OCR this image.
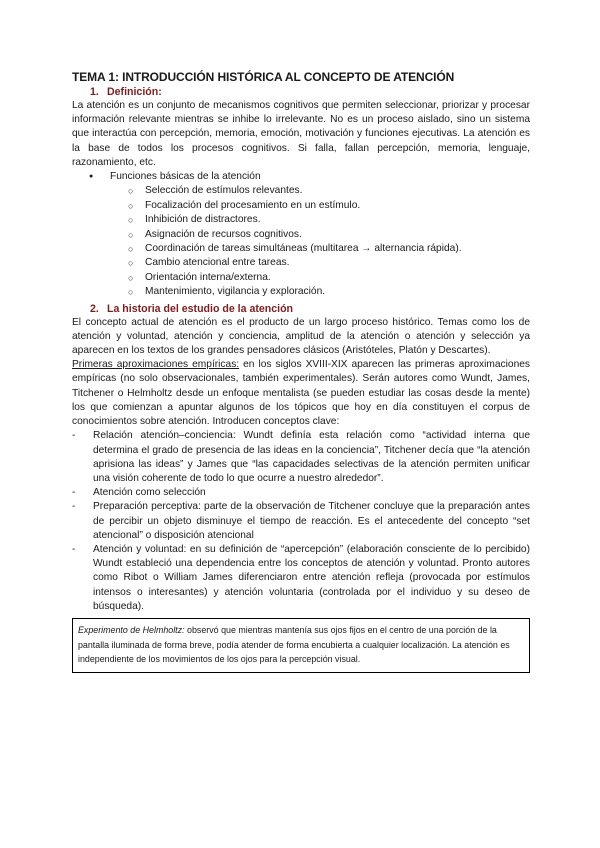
TEMA 1: INTRODUCCIÓN HISTÓRICA AL CONCEPTO DE ATENCIÓN

1. Definición:

La atención es un conjunto de mecanismos cognitivos que permiten seleccionar, priorizar y procesar información relevante mientras se inhibe lo irrelevante. No es un proceso aislado, sino un sistema que interactúa con percepción, memoria, emoción, motivación y funciones ejecutivas. La atención es la base de todos los procesos cognitivos. Si falla, fallan percepción, memoria, lenguaje, razonamiento, etc.

● Funciones básicas de la atención
○ Selección de estímulos relevantes.
○ Focalización del procesamiento en un estímulo.
○ Inhibición de distractores.
○ Asignación de recursos cognitivos.
○ Coordinación de tareas simultáneas (multitarea → alternancia rápida).
○ Cambio atencional entre tareas.
○ Orientación interna/externa.
○ Mantenimiento, vigilancia y exploración.

2. La historia del estudio de la atención

El concepto actual de atención es el producto de un largo proceso histórico. Temas como los de atención y voluntad, atención y conciencia, amplitud de la atención o atención y selección ya aparecen en los textos de los grandes pensadores clásicos (Aristóteles, Platón y Descartes).

Primeras aproximaciones empíricas: en los siglos XVIII-XIX aparecen las primeras aproximaciones empíricas (no solo observacionales, también experimentales). Serán autores como Wundt, James, Titchener o Helmholtz desde un enfoque mentalista (se pueden estudiar las cosas desde la mente) los que comienzan a apuntar algunos de los tópicos que hoy en día constituyen el corpus de conocimientos sobre atención. Introducen conceptos clave:

- Relación atención–conciencia: Wundt definía esta relación como “actividad interna que determina el grado de presencia de las ideas en la conciencia”, Titchener decía que “la atención aprisiona las ideas” y James que “las capacidades selectivas de la atención permiten unificar una visión coherente de todo lo que ocurre a nuestro alrededor”.
- Atención como selección
- Preparación perceptiva: parte de la observación de Titchener concluye que la preparación antes de percibir un objeto disminuye el tiempo de reacción. Es el antecedente del concepto “set atencional” o disposición atencional
- Atención y voluntad: en su definición de “apercepción” (elaboración consciente de lo percibido) Wundt estableció una dependencia entre los conceptos de atención y voluntad. Pronto autores como Ribot o William James diferenciaron entre atención refleja (provocada por estímulos intensos o interesantes) y atención voluntaria (controlada por el individuo y su deseo de búsqueda).
Experimento de Helmholtz: observó que mientras mantenía sus ojos fijos en el centro de una porción de la pantalla iluminada de forma breve, podía atender de forma encubierta a cualquier localización. La atención es independiente de los movimientos de los ojos para la percepción visual.
